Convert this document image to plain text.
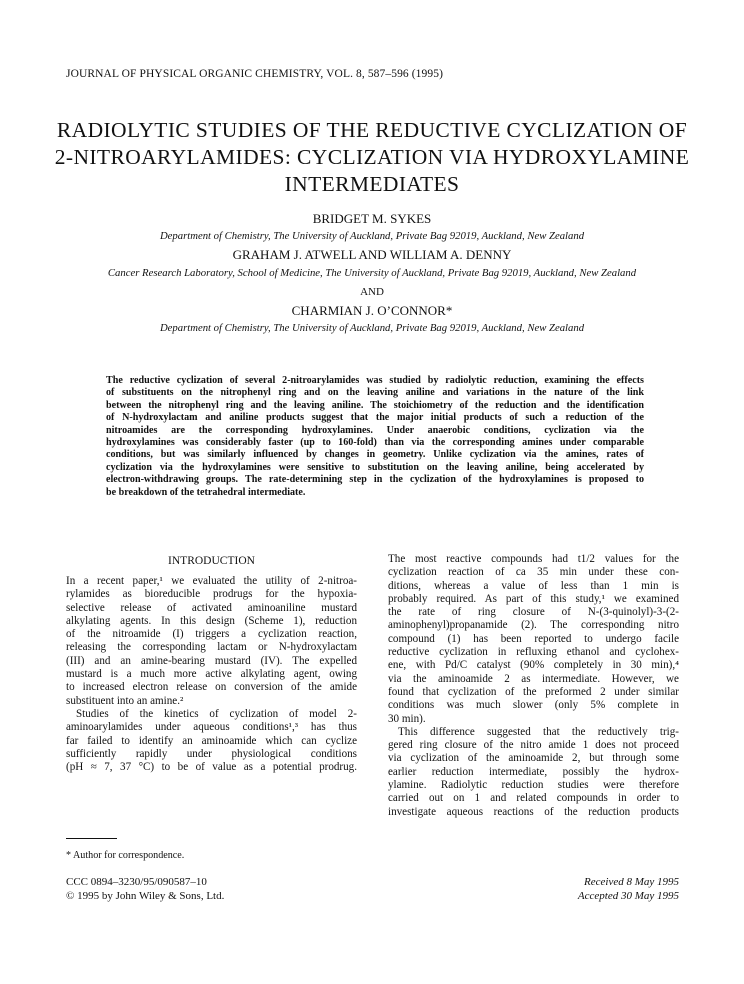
JOURNAL OF PHYSICAL ORGANIC CHEMISTRY, VOL. 8, 587–596 (1995)
RADIOLYTIC STUDIES OF THE REDUCTIVE CYCLIZATION OF
2-NITROARYLAMIDES: CYCLIZATION VIA HYDROXYLAMINE
INTERMEDIATES
BRIDGET M. SYKES
Department of Chemistry, The University of Auckland, Private Bag 92019, Auckland, New Zealand
GRAHAM J. ATWELL AND WILLIAM A. DENNY
Cancer Research Laboratory, School of Medicine, The University of Auckland, Private Bag 92019, Auckland, New Zealand
AND
CHARMIAN J. O’CONNOR*
Department of Chemistry, The University of Auckland, Private Bag 92019, Auckland, New Zealand
The reductive cyclization of several 2-nitroarylamides was studied by radiolytic reduction, examining the effects
of substituents on the nitrophenyl ring and on the leaving aniline and variations in the nature of the link
between the nitrophenyl ring and the leaving aniline. The stoichiometry of the reduction and the identification
of N-hydroxylactam and aniline products suggest that the major initial products of such a reduction of the
nitroamides are the corresponding hydroxylamines. Under anaerobic conditions, cyclization via the
hydroxylamines was considerably faster (up to 160-fold) than via the corresponding amines under comparable
conditions, but was similarly influenced by changes in geometry. Unlike cyclization via the amines, rates of
cyclization via the hydroxylamines were sensitive to substitution on the leaving aniline, being accelerated by
electron-withdrawing groups. The rate-determining step in the cyclization of the hydroxylamines is proposed to
be breakdown of the tetrahedral intermediate.
INTRODUCTION
In a recent paper,¹ we evaluated the utility of 2-nitroa-
rylamides as bioreducible prodrugs for the hypoxia-
selective release of activated aminoaniline mustard
alkylating agents. In this design (Scheme 1), reduction
of the nitroamide (I) triggers a cyclization reaction,
releasing the corresponding lactam or N-hydroxylactam
(III) and an amine-bearing mustard (IV). The expelled
mustard is a much more active alkylating agent, owing
to increased electron release on conversion of the amide
substituent into an amine.²
Studies of the kinetics of cyclization of model 2-
aminoarylamides under aqueous conditions¹,³ has thus
far failed to identify an aminoamide which can cyclize
sufficiently rapidly under physiological conditions
(pH ≈ 7, 37 °C) to be of value as a potential prodrug.
The most reactive compounds had t1/2 values for the
cyclization reaction of ca 35 min under these con-
ditions, whereas a value of less than 1 min is
probably required. As part of this study,¹ we examined
the rate of ring closure of N-(3-quinolyl)-3-(2-
aminophenyl)propanamide (2). The corresponding nitro
compound (1) has been reported to undergo facile
reductive cyclization in refluxing ethanol and cyclohex-
ene, with Pd/C catalyst (90% completely in 30 min),⁴
via the aminoamide 2 as intermediate. However, we
found that cyclization of the preformed 2 under similar
conditions was much slower (only 5% complete in
30 min).
This difference suggested that the reductively trig-
gered ring closure of the nitro amide 1 does not proceed
via cyclization of the aminoamide 2, but through some
earlier reduction intermediate, possibly the hydrox-
ylamine. Radiolytic reduction studies were therefore
carried out on 1 and related compounds in order to
investigate aqueous reactions of the reduction products
* Author for correspondence.
CCC 0894–3230/95/090587–10
© 1995 by John Wiley & Sons, Ltd.
Received 8 May 1995
Accepted 30 May 1995
